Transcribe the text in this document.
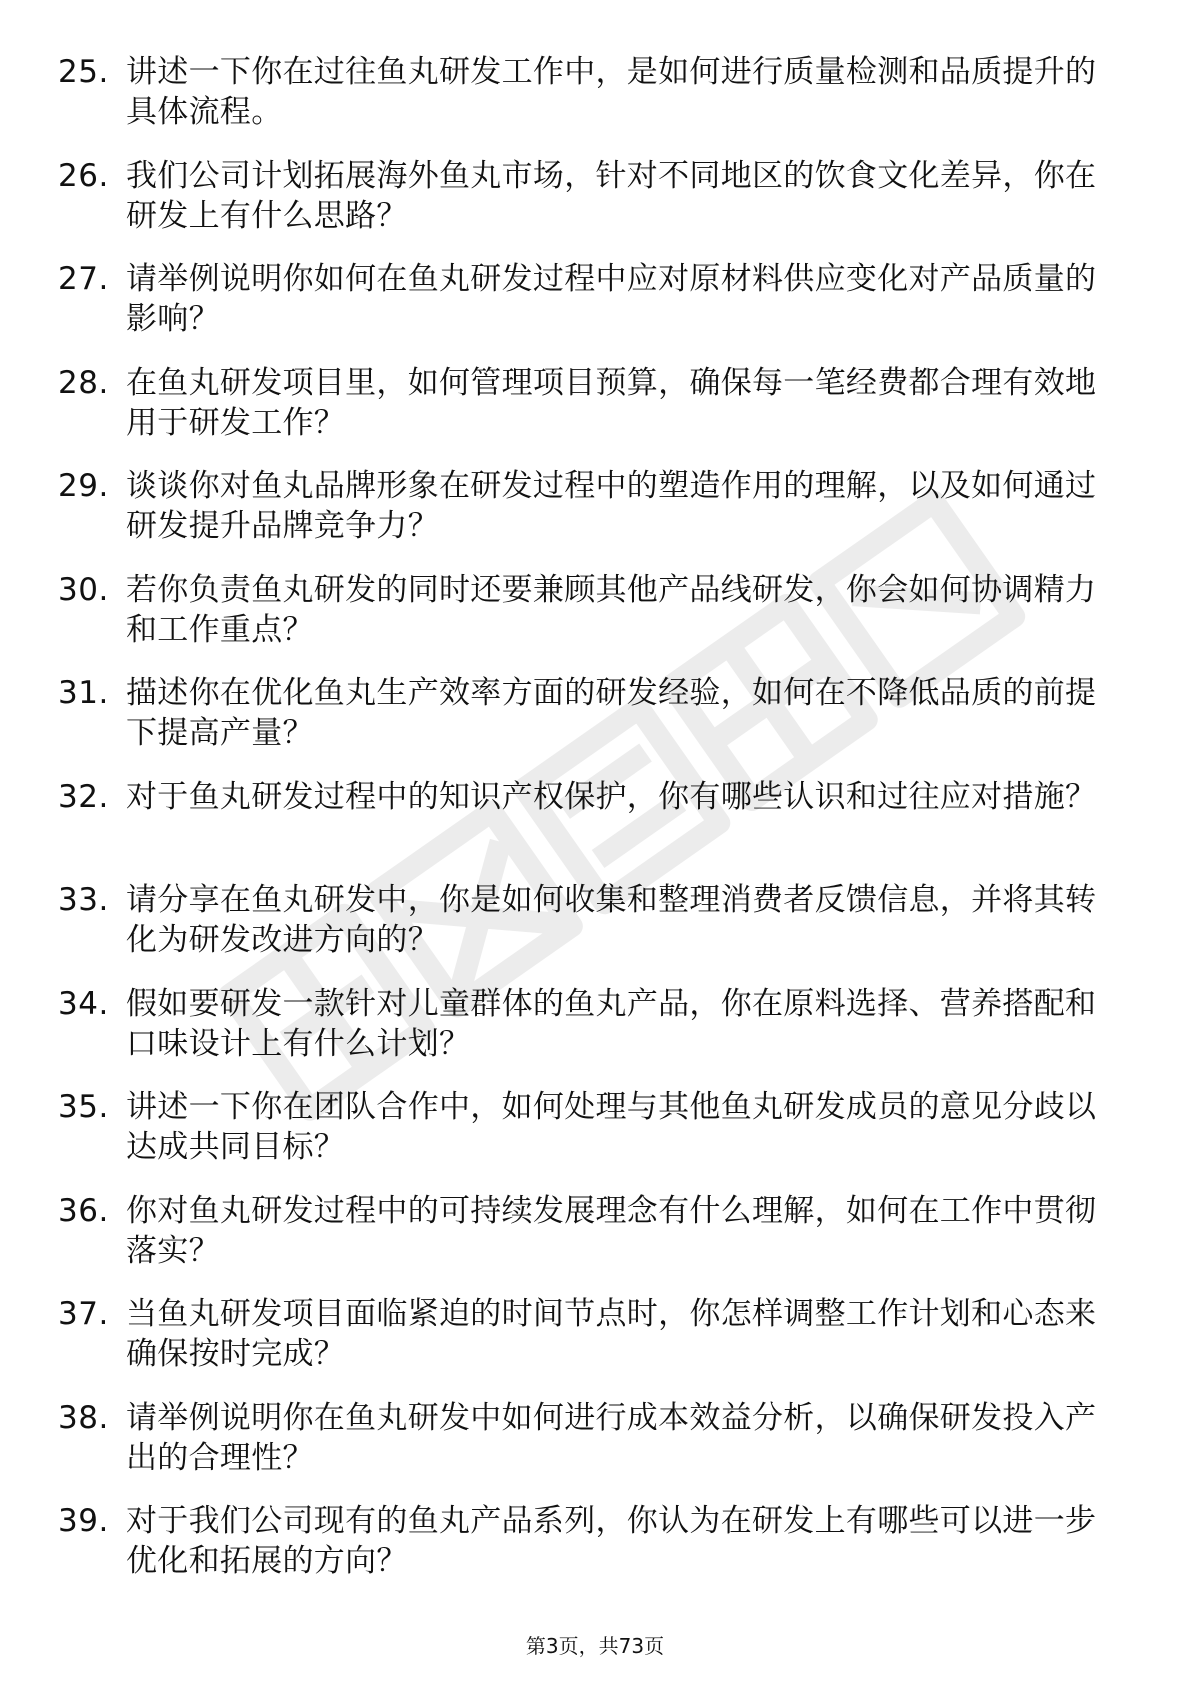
25. 讲述一下你在过往鱼丸研发工作中，是如何进行质量检测和品质提升的具体流程。
26. 我们公司计划拓展海外鱼丸市场，针对不同地区的饮食文化差异，你在研发上有什么思路？
27. 请举例说明你如何在鱼丸研发过程中应对原材料供应变化对产品质量的影响？
28. 在鱼丸研发项目里，如何管理项目预算，确保每一笔经费都合理有效地用于研发工作？
29. 谈谈你对鱼丸品牌形象在研发过程中的塑造作用的理解，以及如何通过研发提升品牌竞争力？
30. 若你负责鱼丸研发的同时还要兼顾其他产品线研发，你会如何协调精力和工作重点？
31. 描述你在优化鱼丸生产效率方面的研发经验，如何在不降低品质的前提下提高产量？
32. 对于鱼丸研发过程中的知识产权保护，你有哪些认识和过往应对措施？
33. 请分享在鱼丸研发中，你是如何收集和整理消费者反馈信息，并将其转化为研发改进方向的？
34. 假如要研发一款针对儿童群体的鱼丸产品，你在原料选择、营养搭配和口味设计上有什么计划？
35. 讲述一下你在团队合作中，如何处理与其他鱼丸研发成员的意见分歧以达成共同目标？
36. 你对鱼丸研发过程中的可持续发展理念有什么理解，如何在工作中贯彻落实？
37. 当鱼丸研发项目面临紧迫的时间节点时，你怎样调整工作计划和心态来确保按时完成？
38. 请举例说明你在鱼丸研发中如何进行成本效益分析，以确保研发投入产出的合理性？
39. 对于我们公司现有的鱼丸产品系列，你认为在研发上有哪些可以进一步优化和拓展的方向？
第3页，共73页
